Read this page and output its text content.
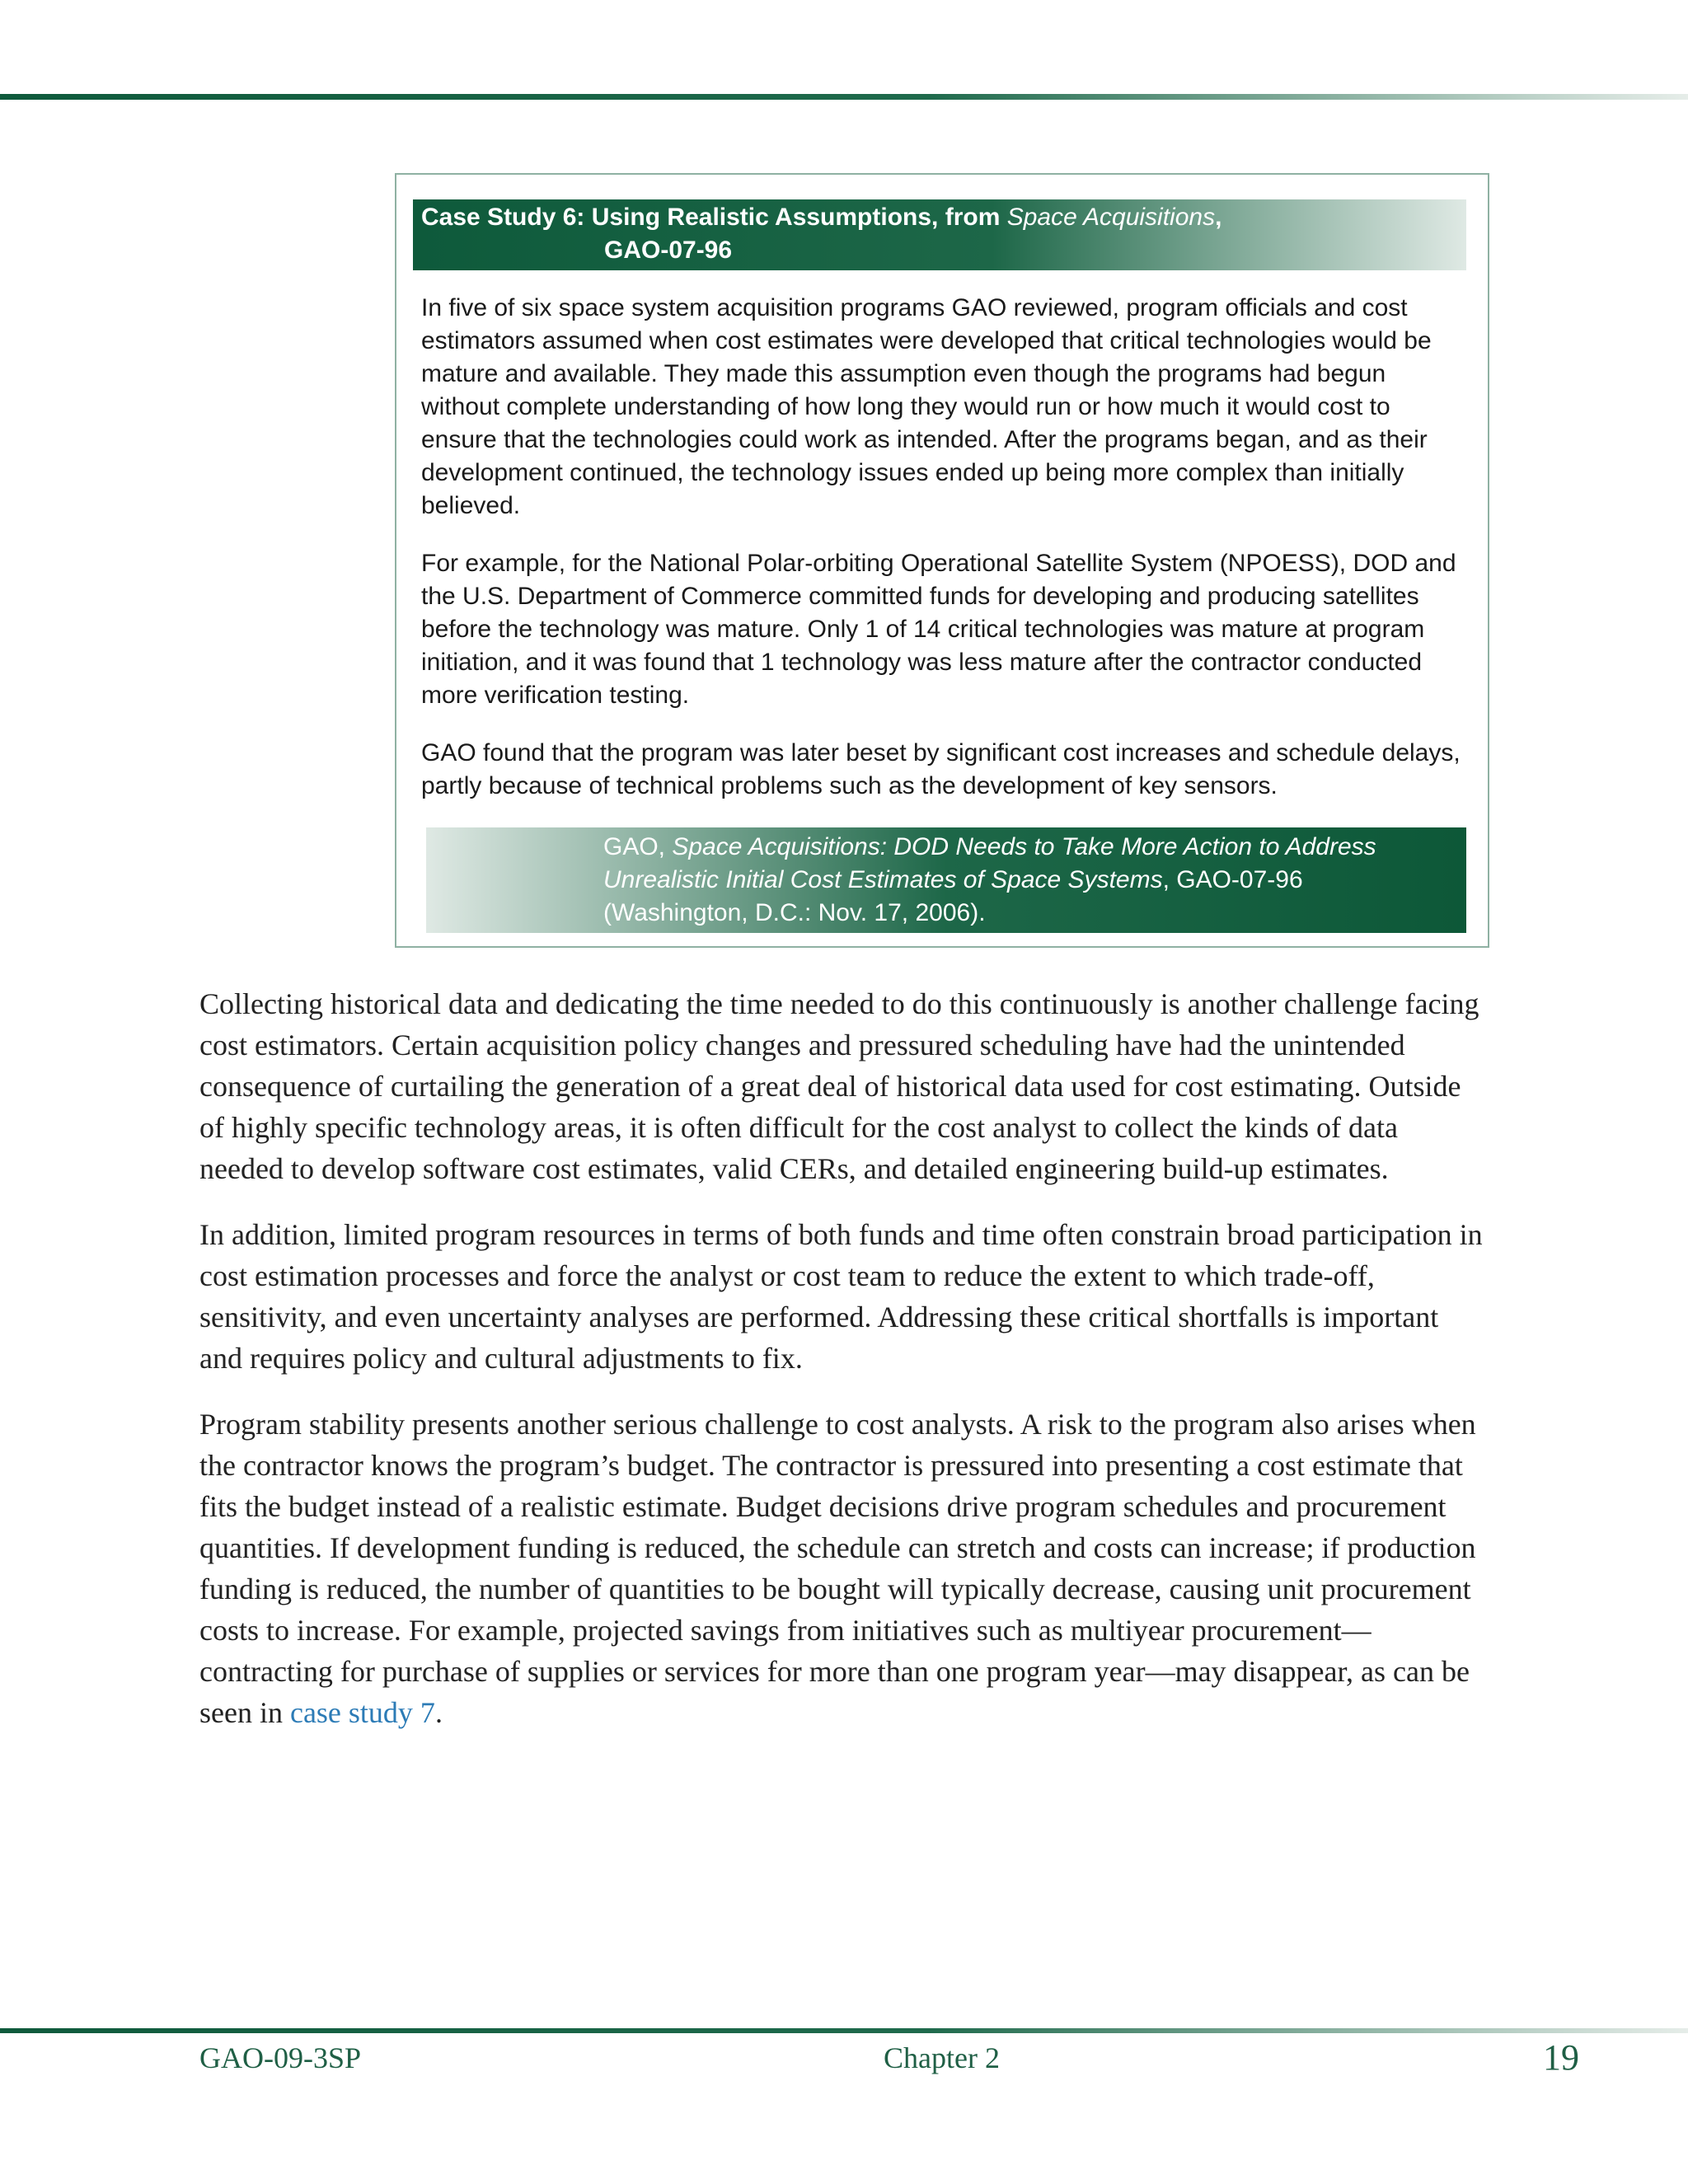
Case Study 6: Using Realistic Assumptions, from Space Acquisitions,
GAO-07-96

In five of six space system acquisition programs GAO reviewed, program officials and cost estimators assumed when cost estimates were developed that critical technologies would be mature and available. They made this assumption even though the programs had begun without complete understanding of how long they would run or how much it would cost to ensure that the technologies could work as intended. After the programs began, and as their development continued, the technology issues ended up being more complex than initially believed.

For example, for the National Polar-orbiting Operational Satellite System (NPOESS), DOD and the U.S. Department of Commerce committed funds for developing and producing satellites before the technology was mature. Only 1 of 14 critical technologies was mature at program initiation, and it was found that 1 technology was less mature after the contractor conducted more verification testing.

GAO found that the program was later beset by significant cost increases and schedule delays, partly because of technical problems such as the development of key sensors.

GAO, Space Acquisitions: DOD Needs to Take More Action to Address Unrealistic Initial Cost Estimates of Space Systems, GAO-07-96 (Washington, D.C.: Nov. 17, 2006).

Collecting historical data and dedicating the time needed to do this continuously is another challenge facing cost estimators. Certain acquisition policy changes and pressured scheduling have had the unintended consequence of curtailing the generation of a great deal of historical data used for cost estimating. Outside of highly specific technology areas, it is often difficult for the cost analyst to collect the kinds of data needed to develop software cost estimates, valid CERs, and detailed engineering build-up estimates.

In addition, limited program resources in terms of both funds and time often constrain broad participation in cost estimation processes and force the analyst or cost team to reduce the extent to which trade-off, sensitivity, and even uncertainty analyses are performed. Addressing these critical shortfalls is important and requires policy and cultural adjustments to fix.

Program stability presents another serious challenge to cost analysts. A risk to the program also arises when the contractor knows the program’s budget. The contractor is pressured into presenting a cost estimate that fits the budget instead of a realistic estimate. Budget decisions drive program schedules and procurement quantities. If development funding is reduced, the schedule can stretch and costs can increase; if production funding is reduced, the number of quantities to be bought will typically decrease, causing unit procurement costs to increase. For example, projected savings from initiatives such as multiyear procurement—contracting for purchase of supplies or services for more than one program year—may disappear, as can be seen in case study 7.

GAO-09-3SP	Chapter 2	19
